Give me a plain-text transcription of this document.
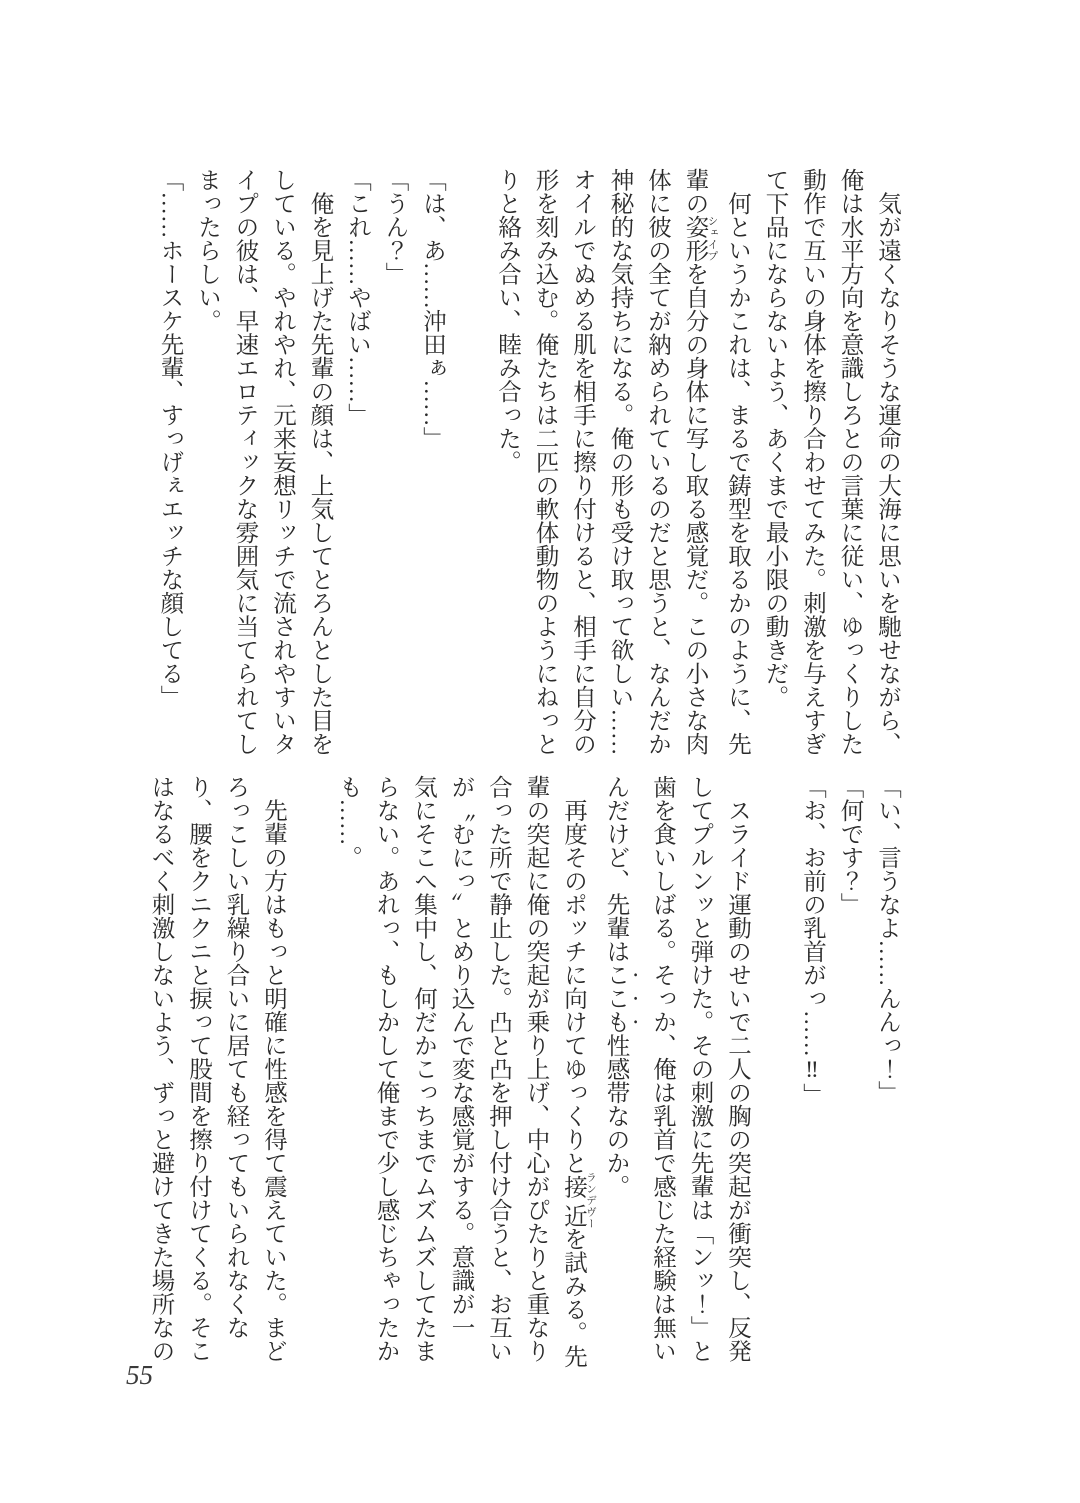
　気が遠くなりそうな運命の大海に思いを馳せながら、

俺は水平方向を意識しろとの言葉に従い、ゆっくりした

動作で互いの身体を擦り合わせてみた。刺激を与えすぎ

て下品にならないよう、あくまで最小限の動きだ。

　何というかこれは、まるで鋳型を取るかのように、先

輩の姿形 シェイプを自分の身体に写し取る感覚だ。この小さな肉

体に彼の全てが納められているのだと思うと、なんだか

神秘的な気持ちになる。俺の形も受け取って欲しい……

オイルでぬめる肌を相手に擦り付けると、相手に自分の

形を刻み込む。俺たちは二匹の軟体動物のようにねっと

りと絡み合い、睦み合った。

「は、あ……沖田ぁ……」

「うん？」

「これ……やばい……」

　俺を見上げた先輩の顔は、上気してとろんとした目を

している。やれやれ、元来妄想リッチで流されやすいタ

イプの彼は、早速エロティックな雰囲気に当てられてし

まったらしい。

「……ホースケ先輩、すっげぇエッチな顔してる」

「い、言うなよ……んんっ！」

「何です？」

「お、お前の乳首がっ……‼」

　スライド運動のせいで二人の胸の突起が衝突し、反発

してプルンッと弾けた。その刺激に先輩は「ンッ！」と

歯を食いしばる。そっか、俺は乳首で感じた経験は無い

んだけど、先輩はここも性感帯なのか。

　再度そのポッチに向けてゆっくりと接近 ランデヴーを試みる。先

輩の突起に俺の突起が乗り上げ、中心がぴたりと重なり

合った所で静止した。凸と凸を押し付け合うと、お互い

が〝むにっ〟とめり込んで変な感覚がする。意識が一

気にそこへ集中し、何だかこっちまでムズムズしてたま

らない。あれっ、もしかして俺まで少し感じちゃったか

も……。

　先輩の方はもっと明確に性感を得て震えていた。まど

ろっこしい乳繰り合いに居ても経ってもいられなくな

り、腰をクニクニと捩って股間を擦り付けてくる。そこ

はなるべく刺激しないよう、ずっと避けてきた場所なの

55
